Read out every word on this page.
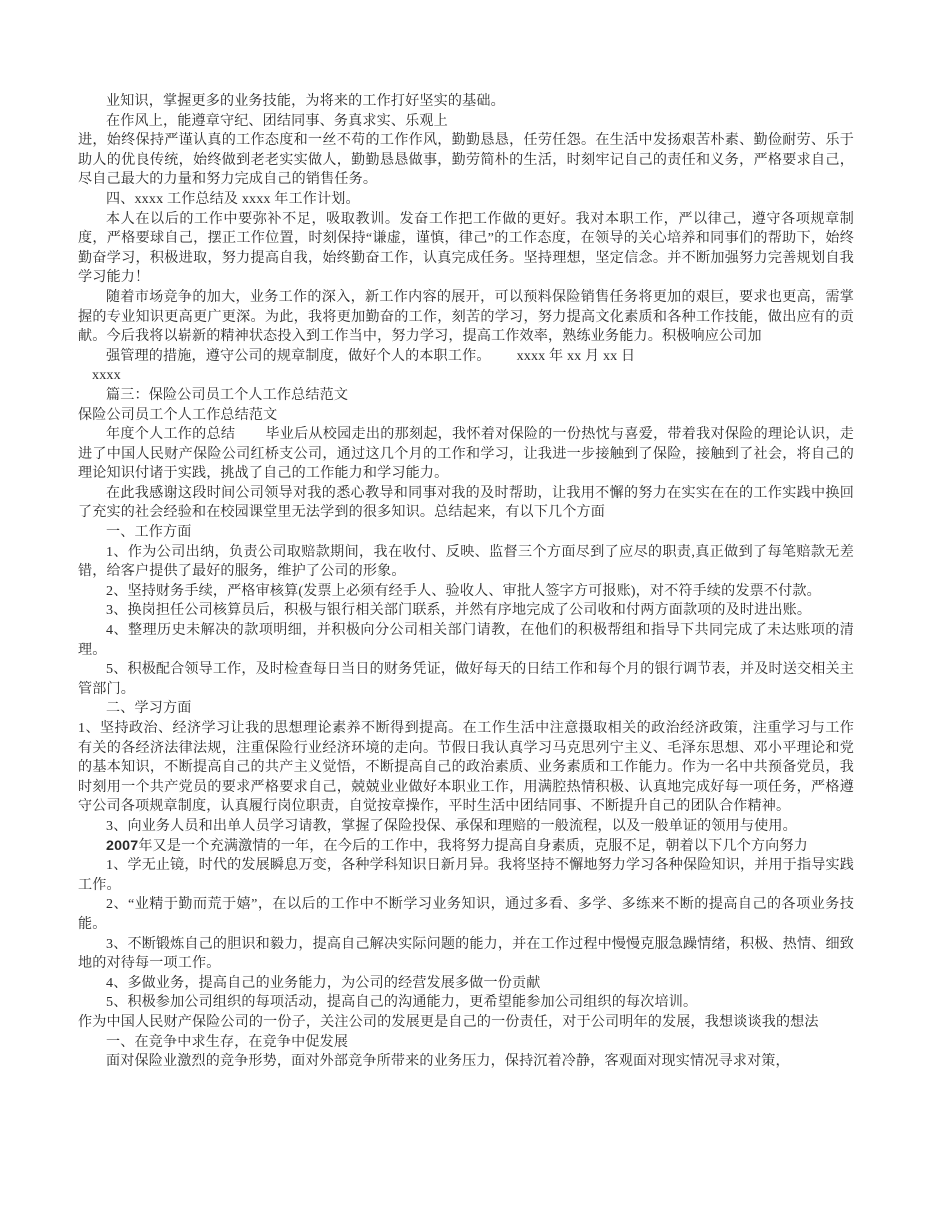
业知识，掌握更多的业务技能，为将来的工作打好坚实的基础。

在作风上，能遵章守纪、团结同事、务真求实、乐观上

进，始终保持严谨认真的工作态度和一丝不苟的工作作风，勤勤恳恳，任劳任怨。在生活中发扬艰苦朴素、勤俭耐劳、乐于助人的优良传统，始终做到老老实实做人，勤勤恳恳做事，勤劳简朴的生活，时刻牢记自己的责任和义务，严格要求自己，尽自己最大的力量和努力完成自己的销售任务。

四、xxxx 工作总结及 xxxx 年工作计划。

本人在以后的工作中要弥补不足，吸取教训。发奋工作把工作做的更好。我对本职工作，严以律己，遵守各项规章制度，严格要球自己，摆正工作位置，时刻保持“谦虚，谨慎，律己”的工作态度，在领导的关心培养和同事们的帮助下，始终勤奋学习，积极进取，努力提高自我，始终勤奋工作，认真完成任务。坚持理想，坚定信念。并不断加强努力完善规划自我学习能力！

随着市场竞争的加大，业务工作的深入，新工作内容的展开，可以预料保险销售任务将更加的艰巨，要求也更高，需掌握的专业知识更高更广更深。为此，我将更加勤奋的工作，刻苦的学习，努力提高文化素质和各种工作技能，做出应有的贡献。今后我将以崭新的精神状态投入到工作当中，努力学习，提高工作效率，熟练业务能力。积极响应公司加

强管理的措施，遵守公司的规章制度，做好个人的本职工作。 xxxx 年 xx 月 xx 日

xxxx

篇三：保险公司员工个人工作总结范文

保险公司员工个人工作总结范文

年度个人工作的总结 毕业后从校园走出的那刻起，我怀着对保险的一份热忱与喜爱，带着我对保险的理论认识，走进了中国人民财产保险公司红桥支公司，通过这几个月的工作和学习，让我进一步接触到了保险，接触到了社会，将自己的理论知识付诸于实践，挑战了自己的工作能力和学习能力。

在此我感谢这段时间公司领导对我的悉心教导和同事对我的及时帮助，让我用不懈的努力在实实在在的工作实践中换回了充实的社会经验和在校园课堂里无法学到的很多知识。总结起来，有以下几个方面

一、工作方面

1、作为公司出纳，负责公司取赔款期间，我在收付、反映、监督三个方面尽到了应尽的职责,真正做到了每笔赔款无差错，给客户提供了最好的服务，维护了公司的形象。

2、坚持财务手续，严格审核算(发票上必须有经手人、验收人、审批人签字方可报账)，对不符手续的发票不付款。

3、换岗担任公司核算员后，积极与银行相关部门联系，并然有序地完成了公司收和付两方面款项的及时进出账。

4、整理历史未解决的款项明细，并积极向分公司相关部门请教，在他们的积极帮组和指导下共同完成了未达账项的清理。

5、积极配合领导工作，及时检查每日当日的财务凭证，做好每天的日结工作和每个月的银行调节表，并及时送交相关主管部门。

二、学习方面

1、坚持政治、经济学习让我的思想理论素养不断得到提高。在工作生活中注意摄取相关的政治经济政策，注重学习与工作有关的各经济法律法规，注重保险行业经济环境的走向。节假日我认真学习马克思列宁主义、毛泽东思想、邓小平理论和党的基本知识，不断提高自己的共产主义觉悟，不断提高自己的政治素质、业务素质和工作能力。作为一名中共预备党员，我时刻用一个共产党员的要求严格要求自己，兢兢业业做好本职业工作，用满腔热情积极、认真地完成好每一项任务，严格遵守公司各项规章制度，认真履行岗位职责，自觉按章操作，平时生活中团结同事、不断提升自己的团队合作精神。

3、向业务人员和出单人员学习请教，掌握了保险投保、承保和理赔的一般流程，以及一般单证的领用与使用。

2007年又是一个充满激情的一年，在今后的工作中，我将努力提高自身素质，克服不足，朝着以下几个方向努力

1、学无止镜，时代的发展瞬息万变，各种学科知识日新月异。我将坚持不懈地努力学习各种保险知识，并用于指导实践工作。

2、“业精于勤而荒于嬉”，在以后的工作中不断学习业务知识，通过多看、多学、多练来不断的提高自己的各项业务技能。

3、不断锻炼自己的胆识和毅力，提高自己解决实际问题的能力，并在工作过程中慢慢克服急躁情绪，积极、热情、细致地的对待每一项工作。

4、多做业务，提高自己的业务能力，为公司的经营发展多做一份贡献

5、积极参加公司组织的每项活动，提高自己的沟通能力，更希望能参加公司组织的每次培训。

作为中国人民财产保险公司的一份子，关注公司的发展更是自己的一份责任，对于公司明年的发展，我想谈谈我的想法

一、在竞争中求生存，在竞争中促发展

面对保险业激烈的竞争形势，面对外部竞争所带来的业务压力，保持沉着冷静，客观面对现实情况寻求对策，
